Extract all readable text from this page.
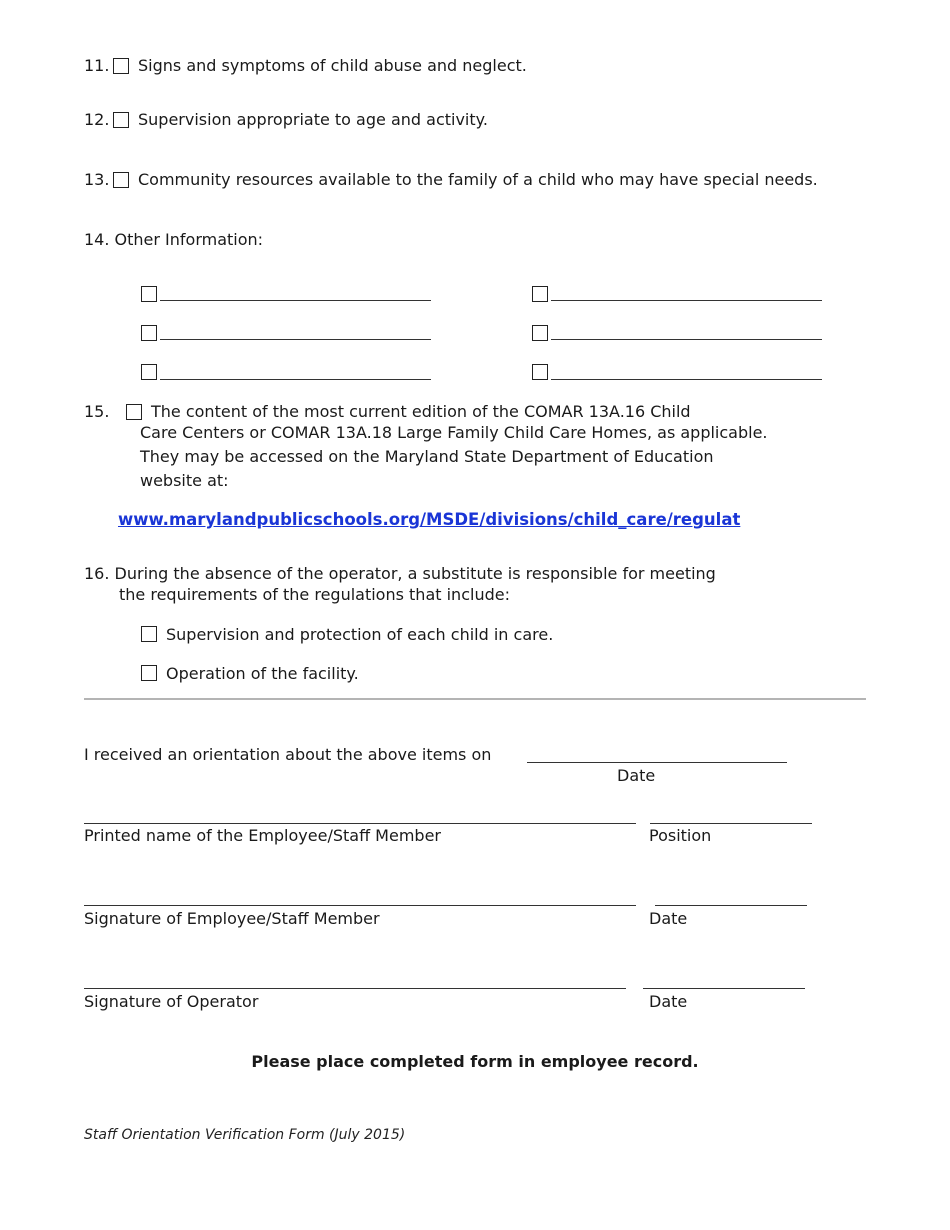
11. Signs and symptoms of child abuse and neglect.
12. Supervision appropriate to age and activity.
13. Community resources available to the family of a child who may have special needs.
14. Other Information:
15.	The content of the most current edition of the COMAR 13A.16 Child
Care Centers or COMAR 13A.18 Large Family Child Care Homes, as applicable.
They may be accessed on the Maryland State Department of Education
website at:
www.marylandpublicschools.org/MSDE/divisions/child_care/regulat
16. During the absence of the operator, a substitute is responsible for meeting
the requirements of the regulations that include:
Supervision and protection of each child in care.
Operation of the facility.
I received an orientation about the above items on
Date
Printed name of the Employee/Staff Member	Position
Signature of Employee/Staff Member	Date
Signature of Operator	Date
Please place completed form in employee record.
Staff Orientation Verification Form (July 2015)
